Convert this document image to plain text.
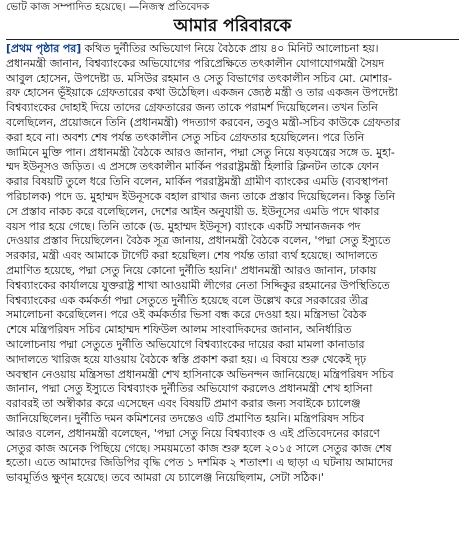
ভোট কাজ সম্পাদিত হয়েছে। —নিজস্ব প্রতিবেদক
আমার পরিবারকে
[প্রথম পৃষ্ঠার পর] কথিত দুর্নীতির অভিযোগ নিয়ে বৈঠকে প্রায় ৪০ মিনিট আলোচনা হয়।
প্রধানমন্ত্রী জানান, বিশ্বব্যাংকের অভিযোগের পরিপ্রেক্ষিতে তৎকালীন যোগাযোগমন্ত্রী সৈয়দ
আবুল হোসেন, উপদেষ্টা ড. মসিউর রহমান ও সেতু বিভাগের তৎকালীন সচিব মো. মোশার-
রফ হোসেন ভূঁইয়াকে গ্রেফতারের কথা উঠেছিল। একজন জ্যেষ্ঠ মন্ত্রী ও তার একজন উপদেষ্টা
বিশ্বব্যাংকের দোহাই দিয়ে তাদের গ্রেফতারের জন্য তাকে পরামর্শ দিয়েছিলেন। তখন তিনি
বলেছিলেন, প্রয়োজনে তিনি (প্রধানমন্ত্রী) পদত্যাগ করবেন, তবুও মন্ত্রী-সচিব কাউকে গ্রেফতার
করা হবে না। অবশ্য শেষ পর্যন্ত তৎকালীন সেতু সচিব গ্রেফতার হয়েছিলেন। পরে তিনি
জামিনে মুক্তি পান। প্রধানমন্ত্রী বৈঠকে আরও জানান, পদ্মা সেতু নিয়ে ষড়যন্ত্রের সঙ্গে ড. মুহা-
ম্মদ ইউনূসও জড়িত। এ প্রসঙ্গে তৎকালীন মার্কিন পররাষ্ট্রমন্ত্রী হিলারি ক্লিনটন তাকে ফোন
করার বিষয়টি তুলে ধরে তিনি বলেন, মার্কিন পররাষ্ট্রমন্ত্রী গ্রামীণ ব্যাংকের এমডি (ব্যবস্থাপনা
পরিচালক) পদে ড. মুহাম্মদ ইউনূসকে বহাল রাখার জন্য তাকে প্রস্তাব দিয়েছিলেন। কিন্তু তিনি
সে প্রস্তাব নাকচ করে বলেছিলেন, দেশের আইন অনুযায়ী ড. ইউনূসের এমডি পদে থাকার
বয়স পার হয়ে গেছে। তিনি তাকে (ড. মুহাম্মদ ইউনূস) ব্যাংকে একটি সম্মানজনক পদ
দেওয়ার প্রস্তাব দিয়েছিলেন। বৈঠক সূত্র জানায়, প্রধানমন্ত্রী বৈঠকে বলেন, 'পদ্মা সেতু ইস্যুতে
সরকার, মন্ত্রী এবং আমাকে টার্গেট করা হয়েছিল। শেষ পর্যন্ত তারা ব্যর্থ হয়েছে। আদালতে
প্রমাণিত হয়েছে, পদ্মা সেতু নিয়ে কোনো দুর্নীতি হয়নি।' প্রধানমন্ত্রী আরও জানান, ঢাকায়
বিশ্বব্যাংকের কার্যালয়ে যুক্তরাষ্ট্র শাখা আওয়ামী লীগের নেতা সিদ্দিকুর রহমানের উপস্থিতিতে
বিশ্বব্যাংকের এক কর্মকর্তা পদ্মা সেতুতে দুর্নীতি হয়েছে বলে উল্লেখ করে সরকারের তীব্র
সমালোচনা করেছিলেন। পরে ওই কর্মকর্তার ভিসা বন্ধ করে দেওয়া হয়। মন্ত্রিসভা বৈঠক
শেষে মন্ত্রিপরিষদ সচিব মোহাম্মদ শফিউল আলম সাংবাদিকদের জানান, অনির্ধারিত
আলোচনায় পদ্মা সেতুতে দুর্নীতি অভিযোগে বিশ্বব্যাংকের দায়ের করা মামলা কানাডার
আদালতে খারিজ হয়ে যাওয়ায় বৈঠকে স্বস্তি প্রকাশ করা হয়। এ বিষয়ে শুরু থেকেই দৃঢ়
অবস্থান নেওয়ায় মন্ত্রিসভা প্রধানমন্ত্রী শেখ হাসিনাকে অভিনন্দন জানিয়েছে। মন্ত্রিপরিষদ সচিব
জানান, পদ্মা সেতু ইস্যুতে বিশ্বব্যাংক দুর্নীতির অভিযোগ করলেও প্রধানমন্ত্রী শেখ হাসিনা
বরাবরই তা অস্বীকার করে এসেছেন এবং বিষয়টি প্রমাণ করার জন্য সবাইকে চ্যালেঞ্জ
জানিয়েছিলেন। দুর্নীতি দমন কমিশনের তদন্তেও এটি প্রমাণিত হয়নি। মন্ত্রিপরিষদ সচিব
আরও বলেন, প্রধানমন্ত্রী বলেছেন, 'পদ্মা সেতু নিয়ে বিশ্বব্যাংক ও এই প্রতিবেদনের কারণে
সেতুর কাজ অনেক পিছিয়ে গেছে। সময়মতো কাজ শুরু হলে ২০১৫ সালে সেতুর কাজ শেষ
হতো। এতে আমাদের জিডিপির বৃদ্ধি পেত ১ দশমিক ২ শতাংশ। এ ছাড়া এ ঘটনায় আমাদের
ভাবমূর্তিও ক্ষুণ্ন হয়েছে। তবে আমরা যে চ্যালেঞ্জ নিয়েছিলাম, সেটা সঠিক।'
